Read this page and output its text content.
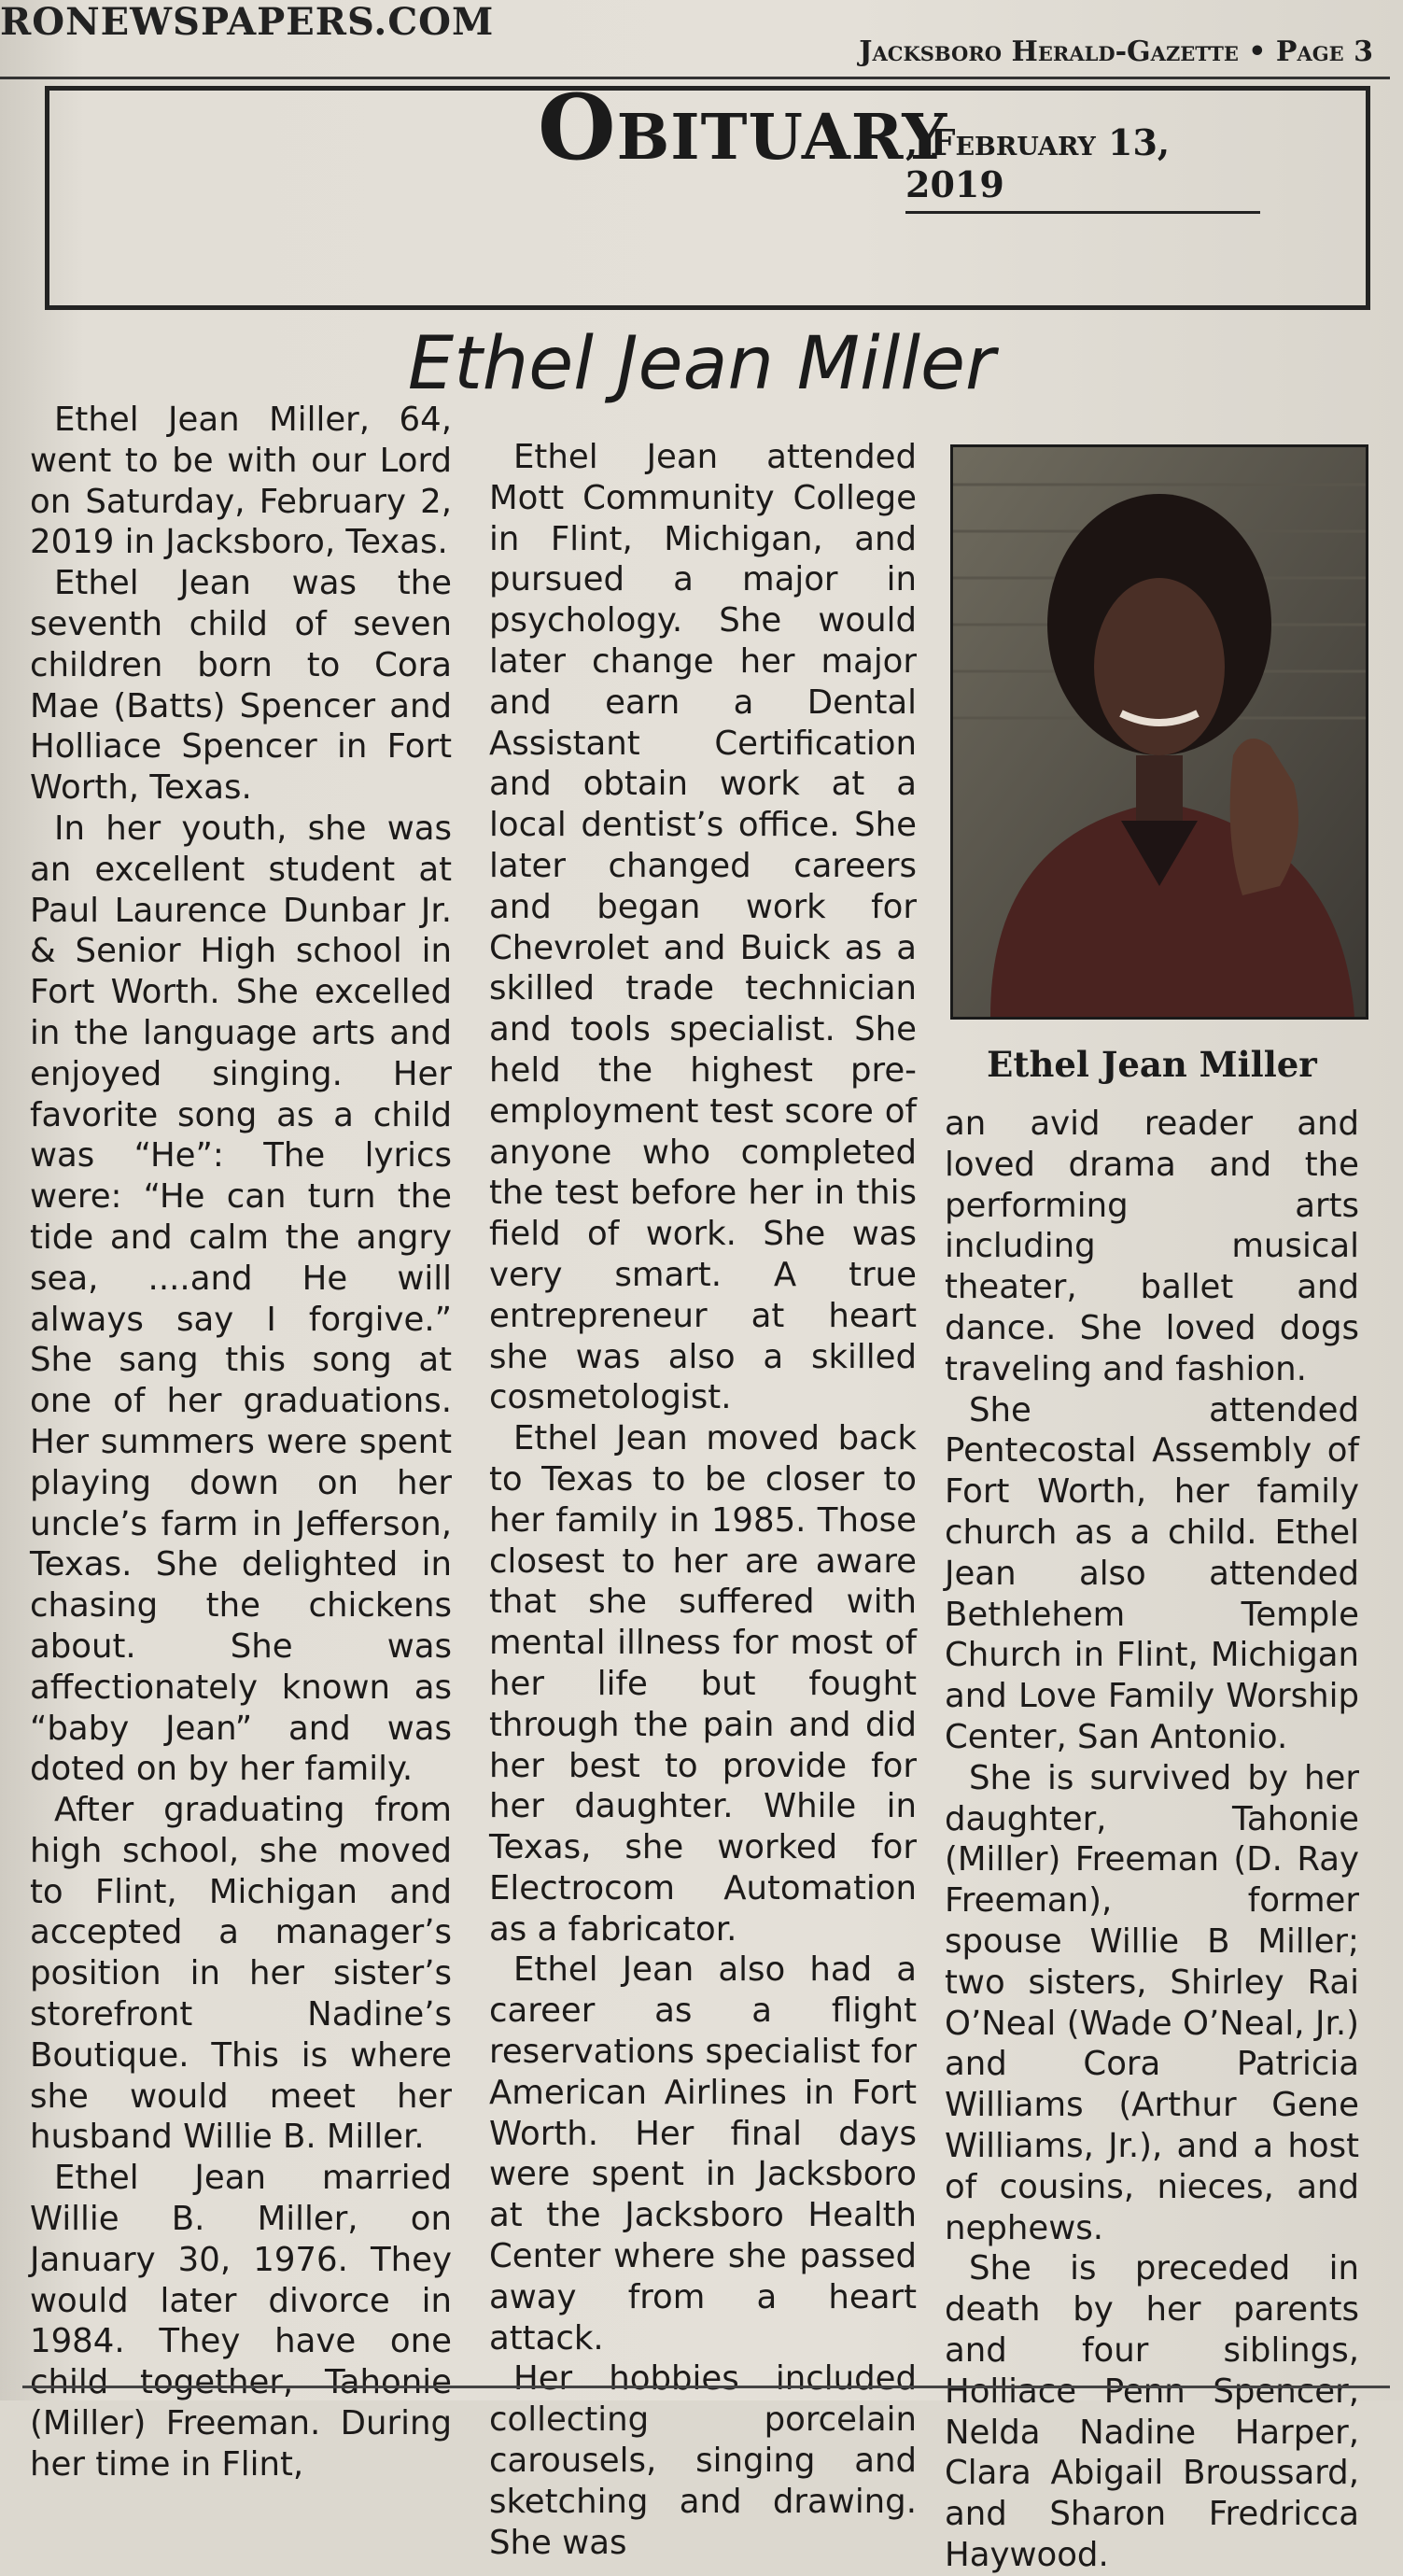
RONEWSPAPERS.COM
Jacksboro Herald-Gazette • Page 3
Obituary
, February 13, 2019
Ethel Jean Miller

Ethel Jean Miller, 64, went to be with our Lord on Saturday, February 2, 2019 in Jacksboro, Texas.

Ethel Jean was the seventh child of seven children born to Cora Mae (Batts) Spencer and Holliace Spencer in Fort Worth, Texas.

In her youth, she was an excellent student at Paul Laurence Dunbar Jr. & Senior High school in Fort Worth. She excelled in the language arts and enjoyed singing. Her favorite song as a child was “He”: The lyrics were: “He can turn the tide and calm the angry sea, ....and He will always say I forgive.” She sang this song at one of her graduations. Her summers were spent playing down on her uncle’s farm in Jefferson, Texas. She delighted in chasing the chickens about. She was affectionately known as “baby Jean” and was doted on by her family.

After graduating from high school, she moved to Flint, Michigan and accepted a manager’s position in her sister’s storefront Nadine’s Boutique. This is where she would meet her husband Willie B. Miller.

Ethel Jean married Willie B. Miller, on January 30, 1976. They would later divorce in 1984. They have one child together, Tahonie (Miller) Freeman. During her time in Flint,

Ethel Jean attended Mott Community College in Flint, Michigan, and pursued a major in psychology. She would later change her major and earn a Dental Assistant Certification and obtain work at a local dentist’s office. She later changed careers and began work for Chevrolet and Buick as a skilled trade technician and tools specialist. She held the highest pre-employment test score of anyone who completed the test before her in this field of work. She was very smart. A true entrepreneur at heart she was also a skilled cosmetologist.

Ethel Jean moved back to Texas to be closer to her family in 1985. Those closest to her are aware that she suffered with mental illness for most of her life but fought through the pain and did her best to provide for her daughter. While in Texas, she worked for Electrocom Automation as a fabricator.

Ethel Jean also had a career as a flight reservations specialist for American Airlines in Fort Worth. Her final days were spent in Jacksboro at the Jacksboro Health Center where she passed away from a heart attack.

Her hobbies included collecting porcelain carousels, singing and sketching and drawing. She was

Ethel Jean Miller

an avid reader and loved drama and the performing arts including musical theater, ballet and dance. She loved dogs traveling and fashion.

She attended Pentecostal Assembly of Fort Worth, her family church as a child. Ethel Jean also attended Bethlehem Temple Church in Flint, Michigan and Love Family Worship Center, San Antonio.

She is survived by her daughter, Tahonie (Miller) Freeman (D. Ray Freeman), former spouse Willie B Miller; two sisters, Shirley Rai O’Neal (Wade O’Neal, Jr.) and Cora Patricia Williams (Arthur Gene Williams, Jr.), and a host of cousins, nieces, and nephews.

She is preceded in death by her parents and four siblings, Holliace Penn Spencer, Nelda Nadine Harper, Clara Abigail Broussard, and Sharon Fredricca Haywood.
